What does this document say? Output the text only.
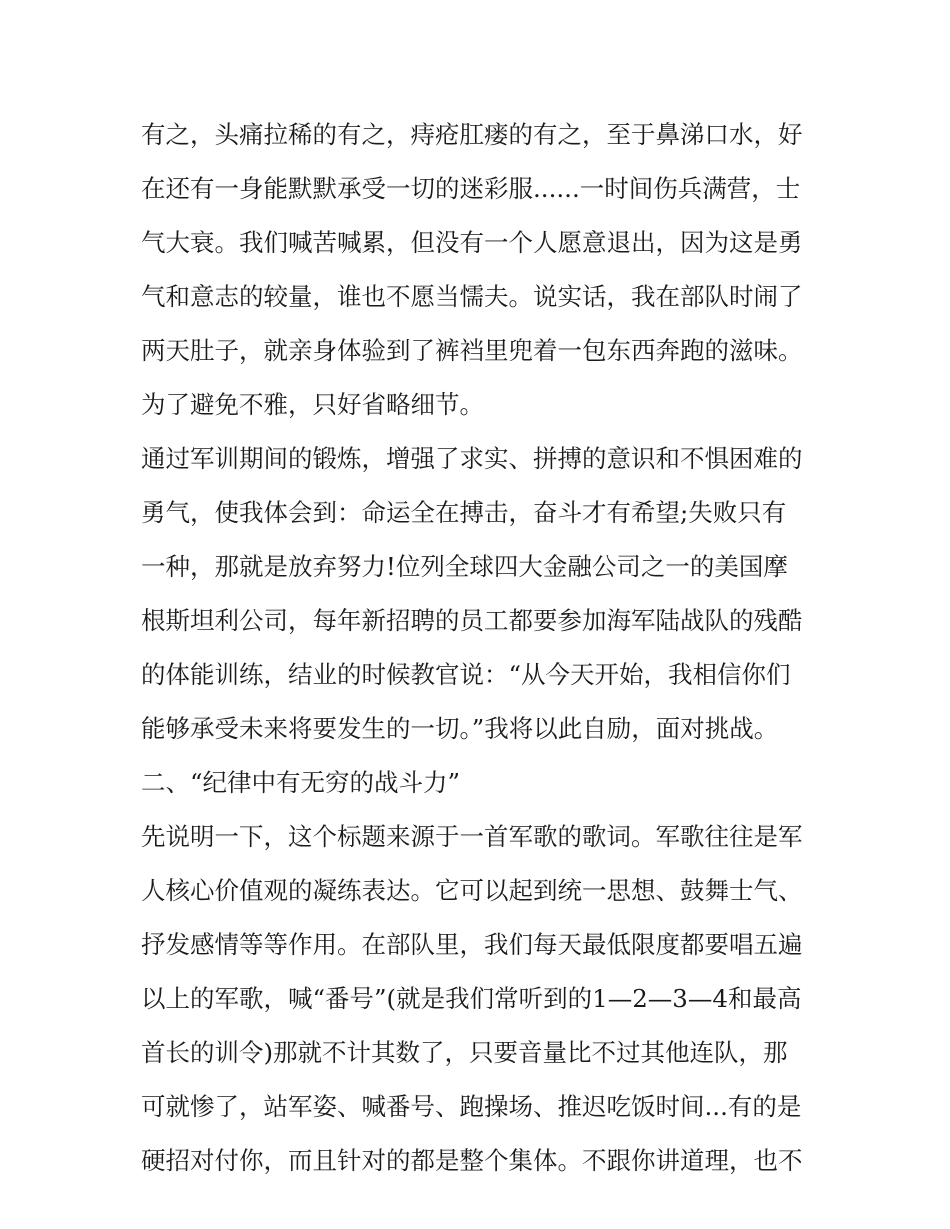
有之，头痛拉稀的有之，痔疮肛瘘的有之，至于鼻涕口水，好
在还有一身能默默承受一切的迷彩服......一时间伤兵满营，士
气大衰。我们喊苦喊累，但没有一个人愿意退出，因为这是勇
气和意志的较量，谁也不愿当懦夫。说实话，我在部队时闹了
两天肚子，就亲身体验到了裤裆里兜着一包东西奔跑的滋味。
为了避免不雅，只好省略细节。
通过军训期间的锻炼，增强了求实、拼搏的意识和不惧困难的
勇气，使我体会到：命运全在搏击，奋斗才有希望;失败只有
一种，那就是放弃努力!位列全球四大金融公司之一的美国摩
根斯坦利公司，每年新招聘的员工都要参加海军陆战队的残酷
的体能训练，结业的时候教官说：“从今天开始，我相信你们
能够承受未来将要发生的一切。”我将以此自励，面对挑战。
二、“纪律中有无穷的战斗力”
先说明一下，这个标题来源于一首军歌的歌词。军歌往往是军
人核心价值观的凝练表达。它可以起到统一思想、鼓舞士气、
抒发感情等等作用。在部队里，我们每天最低限度都要唱五遍
以上的军歌，喊“番号”(就是我们常听到的1—2—3—4和最高
首长的训令)那就不计其数了，只要音量比不过其他连队，那
可就惨了，站军姿、喊番号、跑操场、推迟吃饭时间...有的是
硬招对付你，而且针对的都是整个集体。不跟你讲道理，也不
